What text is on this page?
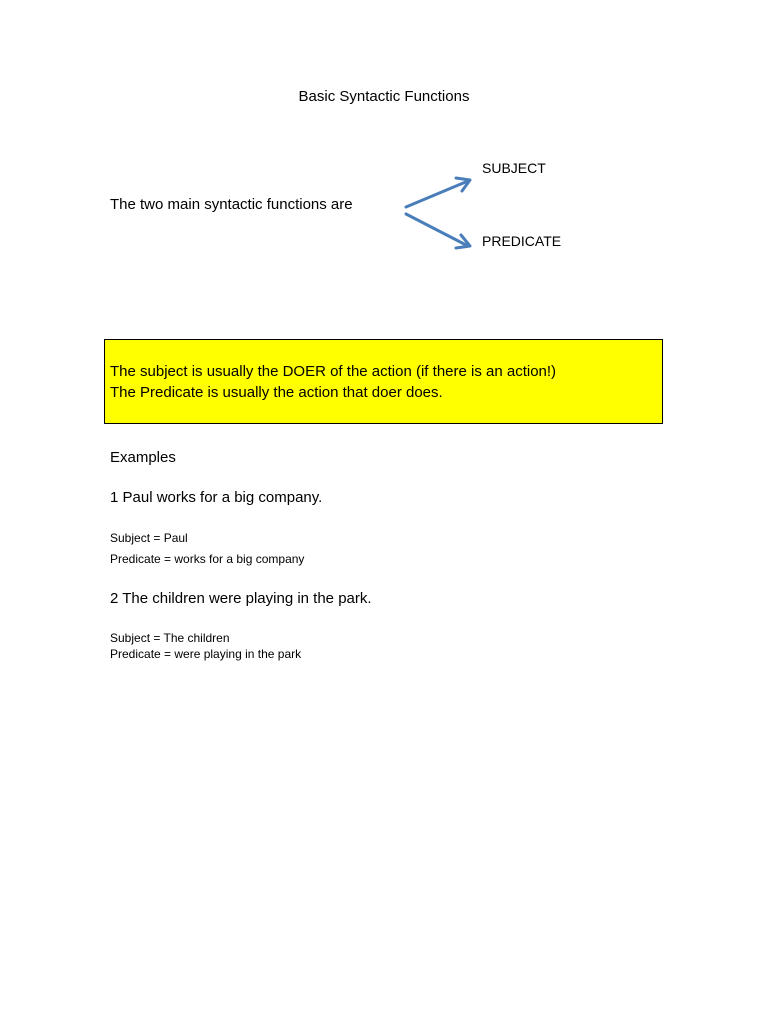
Basic Syntactic Functions
The two main syntactic functions are
SUBJECT
PREDICATE
The subject is usually the DOER of the action (if there is an action!)
The Predicate is usually the action that doer does.
Examples
1 Paul works for a big company.
Subject = Paul
Predicate = works for a big company
2 The children were playing in the park.
Subject = The children
Predicate = were playing in the park
